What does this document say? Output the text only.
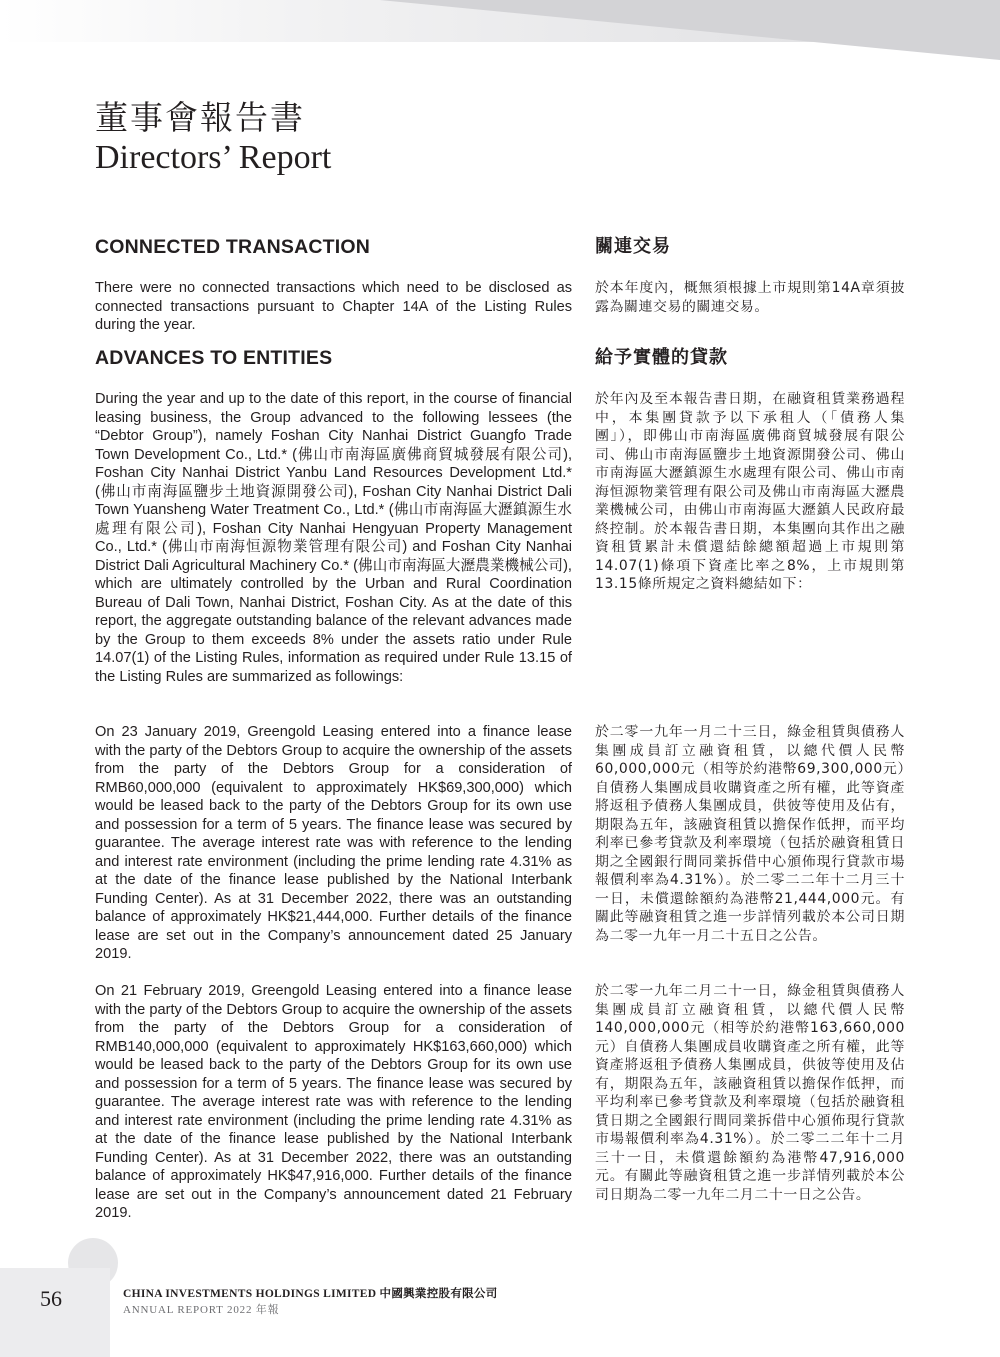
董事會報告書
Directors’ Report
CONNECTED TRANSACTION	關連交易

There were no connected transactions which need to be disclosed as connected transactions pursuant to Chapter 14A of the Listing Rules during the year.

於本年度內，概無須根據上市規則第14A章須披露為關連交易的關連交易。

ADVANCES TO ENTITIES	給予實體的貸款

During the year and up to the date of this report, in the course of financial leasing business, the Group advanced to the following lessees (the “Debtor Group”), namely Foshan City Nanhai District Guangfo Trade Town Development Co., Ltd.* (佛山市南海區廣佛商貿城發展有限公司), Foshan City Nanhai District Yanbu Land Resources Development Ltd.* (佛山市南海區鹽步土地資源開發公司), Foshan City Nanhai District Dali Town Yuansheng Water Treatment Co., Ltd.* (佛山市南海區大瀝鎮源生水處理有限公司), Foshan City Nanhai Hengyuan Property Management Co., Ltd.* (佛山市南海恒源物業管理有限公司) and Foshan City Nanhai District Dali Agricultural Machinery Co.* (佛山市南海區大瀝農業機械公司), which are ultimately controlled by the Urban and Rural Coordination Bureau of Dali Town, Nanhai District, Foshan City. As at the date of this report, the aggregate outstanding balance of the relevant advances made by the Group to them exceeds 8% under the assets ratio under Rule 14.07(1) of the Listing Rules, information as required under Rule 13.15 of the Listing Rules are summarized as followings:

於年內及至本報告書日期，在融資租賃業務過程中，本集團貸款予以下承租人（「債務人集團」），即佛山市南海區廣佛商貿城發展有限公司、佛山市南海區鹽步土地資源開發公司、佛山市南海區大瀝鎮源生水處理有限公司、佛山市南海恒源物業管理有限公司及佛山市南海區大瀝農業機械公司，由佛山市南海區大瀝鎮人民政府最終控制。於本報告書日期，本集團向其作出之融資租賃累計未償還結餘總額超過上市規則第14.07(1)條項下資產比率之8%，上市規則第13.15條所規定之資料總結如下：

On 23 January 2019, Greengold Leasing entered into a finance lease with the party of the Debtors Group to acquire the ownership of the assets from the party of the Debtors Group for a consideration of RMB60,000,000 (equivalent to approximately HK$69,300,000) which would be leased back to the party of the Debtors Group for its own use and possession for a term of 5 years. The finance lease was secured by guarantee. The average interest rate was with reference to the lending and interest rate environment (including the prime lending rate 4.31% as at the date of the finance lease published by the National Interbank Funding Center). As at 31 December 2022, there was an outstanding balance of approximately HK$21,444,000. Further details of the finance lease are set out in the Company’s announcement dated 25 January 2019.

於二零一九年一月二十三日，綠金租賃與債務人集團成員訂立融資租賃，以總代價人民幣60,000,000元（相等於約港幣69,300,000元）自債務人集團成員收購資產之所有權，此等資產將返租予債務人集團成員，供彼等使用及佔有，期限為五年，該融資租賃以擔保作低押，而平均利率已參考貸款及利率環境（包括於融資租賃日期之全國銀行間同業拆借中心頒佈現行貸款市場報價利率為4.31%）。於二零二二年十二月三十一日，未償還餘額約為港幣21,444,000元。有關此等融資租賃之進一步詳情列載於本公司日期為二零一九年一月二十五日之公告。

On 21 February 2019, Greengold Leasing entered into a finance lease with the party of the Debtors Group to acquire the ownership of the assets from the party of the Debtors Group for a consideration of RMB140,000,000 (equivalent to approximately HK$163,660,000) which would be leased back to the party of the Debtors Group for its own use and possession for a term of 5 years. The finance lease was secured by guarantee. The average interest rate was with reference to the lending and interest rate environment (including the prime lending rate 4.31% as at the date of the finance lease published by the National Interbank Funding Center). As at 31 December 2022, there was an outstanding balance of approximately HK$47,916,000. Further details of the finance lease are set out in the Company’s announcement dated 21 February 2019.

於二零一九年二月二十一日，綠金租賃與債務人集團成員訂立融資租賃，以總代價人民幣140,000,000元（相等於約港幣163,660,000元）自債務人集團成員收購資產之所有權，此等資產將返租予債務人集團成員，供彼等使用及佔有，期限為五年，該融資租賃以擔保作低押，而平均利率已參考貸款及利率環境（包括於融資租賃日期之全國銀行間同業拆借中心頒佈現行貸款市場報價利率為4.31%）。於二零二二年十二月三十一日，未償還餘額約為港幣47,916,000元。有關此等融資租賃之進一步詳情列載於本公司日期為二零一九年二月二十一日之公告。

56	CHINA INVESTMENTS HOLDINGS LIMITED 中國興業控股有限公司
ANNUAL REPORT 2022 年報
